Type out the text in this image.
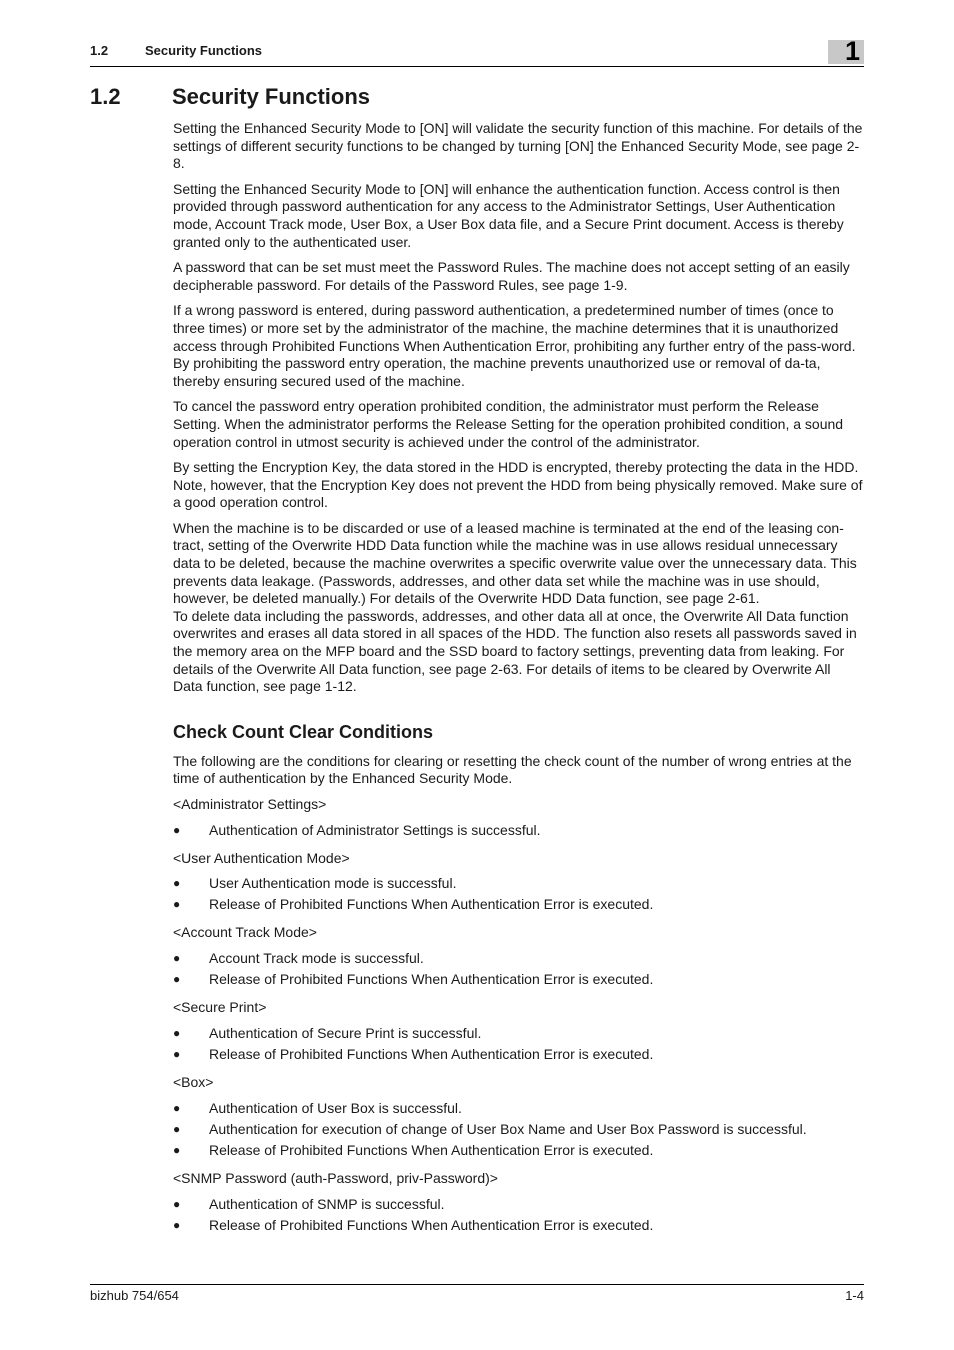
1.2	Security Functions	1
1.2 Security Functions

Setting the Enhanced Security Mode to [ON] will validate the security function of this machine. For details of the settings of different security functions to be changed by turning [ON] the Enhanced Security Mode, see page 2-8.

Setting the Enhanced Security Mode to [ON] will enhance the authentication function. Access control is then provided through password authentication for any access to the Administrator Settings, User Authentication mode, Account Track mode, User Box, a User Box data file, and a Secure Print document. Access is thereby granted only to the authenticated user.

A password that can be set must meet the Password Rules. The machine does not accept setting of an easily decipherable password. For details of the Password Rules, see page 1-9.

If a wrong password is entered, during password authentication, a predetermined number of times (once to three times) or more set by the administrator of the machine, the machine determines that it is unauthorized access through Prohibited Functions When Authentication Error, prohibiting any further entry of the pass-word. By prohibiting the password entry operation, the machine prevents unauthorized use or removal of da-ta, thereby ensuring secured used of the machine.

To cancel the password entry operation prohibited condition, the administrator must perform the Release Setting. When the administrator performs the Release Setting for the operation prohibited condition, a sound operation control in utmost security is achieved under the control of the administrator.

By setting the Encryption Key, the data stored in the HDD is encrypted, thereby protecting the data in the HDD. Note, however, that the Encryption Key does not prevent the HDD from being physically removed. Make sure of a good operation control.

When the machine is to be discarded or use of a leased machine is terminated at the end of the leasing con-tract, setting of the Overwrite HDD Data function while the machine was in use allows residual unnecessary data to be deleted, because the machine overwrites a specific overwrite value over the unnecessary data. This prevents data leakage. (Passwords, addresses, and other data set while the machine was in use should, however, be deleted manually.) For details of the Overwrite HDD Data function, see page 2-61.

To delete data including the passwords, addresses, and other data all at once, the Overwrite All Data function overwrites and erases all data stored in all spaces of the HDD. The function also resets all passwords saved in the memory area on the MFP board and the SSD board to factory settings, preventing data from leaking. For details of the Overwrite All Data function, see page 2-63. For details of items to be cleared by Overwrite All Data function, see page 1-12.

Check Count Clear Conditions

The following are the conditions for clearing or resetting the check count of the number of wrong entries at the time of authentication by the Enhanced Security Mode.

<Administrator Settings>

● Authentication of Administrator Settings is successful.

<User Authentication Mode>

● User Authentication mode is successful.
● Release of Prohibited Functions When Authentication Error is executed.

<Account Track Mode>

● Account Track mode is successful.
● Release of Prohibited Functions When Authentication Error is executed.

<Secure Print>

● Authentication of Secure Print is successful.
● Release of Prohibited Functions When Authentication Error is executed.

<Box>

● Authentication of User Box is successful.
● Authentication for execution of change of User Box Name and User Box Password is successful.
● Release of Prohibited Functions When Authentication Error is executed.

<SNMP Password (auth-Password, priv-Password)>

● Authentication of SNMP is successful.
● Release of Prohibited Functions When Authentication Error is executed.
bizhub 754/654	1-4
